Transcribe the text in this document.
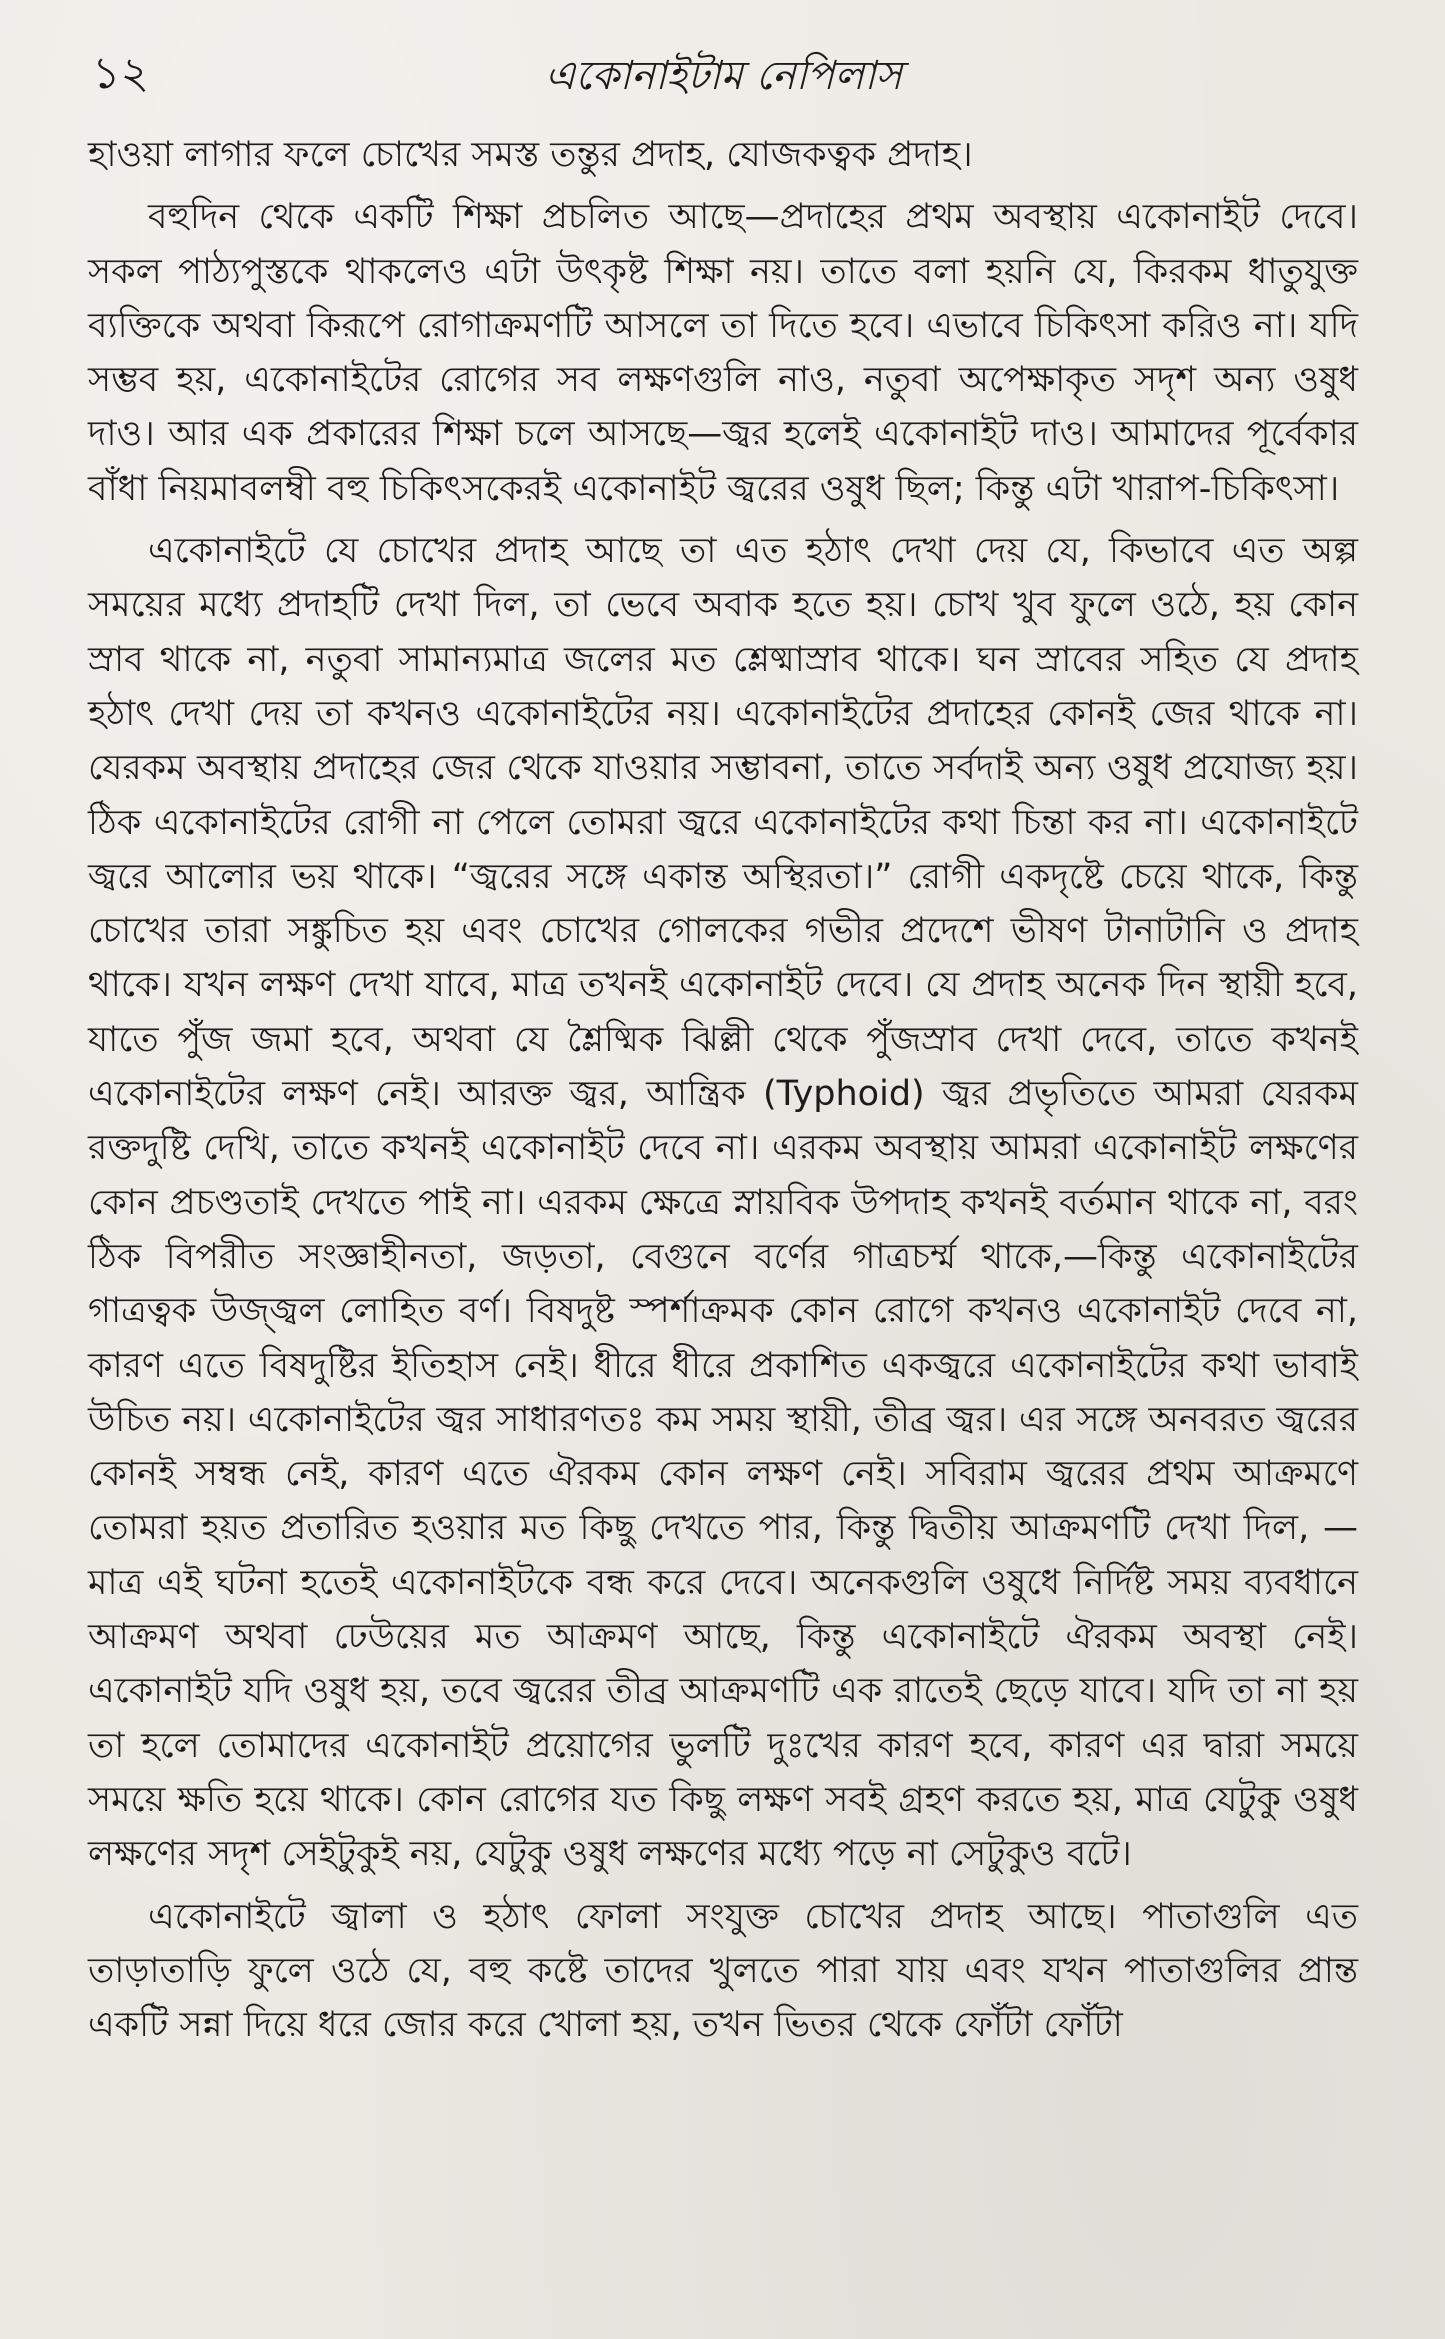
১২	একোনাইটাম নেপিলাস

হাওয়া লাগার ফলে চোখের সমস্ত তন্তুর প্রদাহ, যোজকত্বক প্রদাহ।

বহুদিন থেকে একটি শিক্ষা প্রচলিত আছে—প্রদাহের প্রথম অবস্থায় একোনাইট দেবে। সকল পাঠ্যপুস্তকে থাকলেও এটা উৎকৃষ্ট শিক্ষা নয়। তাতে বলা হয়নি যে, কিরকম ধাতুযুক্ত ব্যক্তিকে অথবা কিরূপে রোগাক্রমণটি আসলে তা দিতে হবে। এভাবে চিকিৎসা করিও না। যদি সম্ভব হয়, একোনাইটের রোগের সব লক্ষণগুলি নাও, নতুবা অপেক্ষাকৃত সদৃশ অন্য ওষুধ দাও। আর এক প্রকারের শিক্ষা চলে আসছে—জ্বর হলেই একোনাইট দাও। আমাদের পূর্বেকার বাঁধা নিয়মাবলম্বী বহু চিকিৎসকেরই একোনাইট জ্বরের ওষুধ ছিল; কিন্তু এটা খারাপ-চিকিৎসা।

একোনাইটে যে চোখের প্রদাহ আছে তা এত হঠাৎ দেখা দেয় যে, কিভাবে এত অল্প সময়ের মধ্যে প্রদাহটি দেখা দিল, তা ভেবে অবাক হতে হয়। চোখ খুব ফুলে ওঠে, হয় কোন স্রাব থাকে না, নতুবা সামান্যমাত্র জলের মত শ্লেষ্মাস্রাব থাকে। ঘন স্রাবের সহিত যে প্রদাহ হঠাৎ দেখা দেয় তা কখনও একোনাইটের নয়। একোনাইটের প্রদাহের কোনই জের থাকে না। যেরকম অবস্থায় প্রদাহের জের থেকে যাওয়ার সম্ভাবনা, তাতে সর্বদাই অন্য ওষুধ প্রযোজ্য হয়। ঠিক একোনাইটের রোগী না পেলে তোমরা জ্বরে একোনাইটের কথা চিন্তা কর না। একোনাইটে জ্বরে আলোর ভয় থাকে। “জ্বরের সঙ্গে একান্ত অস্থিরতা।” রোগী একদৃষ্টে চেয়ে থাকে, কিন্তু চোখের তারা সঙ্কুচিত হয় এবং চোখের গোলকের গভীর প্রদেশে ভীষণ টানাটানি ও প্রদাহ থাকে। যখন লক্ষণ দেখা যাবে, মাত্র তখনই একোনাইট দেবে। যে প্রদাহ অনেক দিন স্থায়ী হবে, যাতে পুঁজ জমা হবে, অথবা যে শ্লৈষ্মিক ঝিল্লী থেকে পুঁজস্রাব দেখা দেবে, তাতে কখনই একোনাইটের লক্ষণ নেই। আরক্ত জ্বর, আন্ত্রিক (Typhoid) জ্বর প্রভৃতিতে আমরা যেরকম রক্তদুষ্টি দেখি, তাতে কখনই একোনাইট দেবে না। এরকম অবস্থায় আমরা একোনাইট লক্ষণের কোন প্রচণ্ডতাই দেখতে পাই না। এরকম ক্ষেত্রে স্নায়বিক উপদাহ কখনই বর্তমান থাকে না, বরং ঠিক বিপরীত সংজ্ঞাহীনতা, জড়তা, বেগুনে বর্ণের গাত্রচর্ম্ম থাকে,—কিন্তু একোনাইটের গাত্রত্বক উজ্জ্বল লোহিত বর্ণ। বিষদুষ্ট স্পর্শাক্রমক কোন রোগে কখনও একোনাইট দেবে না, কারণ এতে বিষদুষ্টির ইতিহাস নেই। ধীরে ধীরে প্রকাশিত একজ্বরে একোনাইটের কথা ভাবাই উচিত নয়। একোনাইটের জ্বর সাধারণতঃ কম সময় স্থায়ী, তীব্র জ্বর। এর সঙ্গে অনবরত জ্বরের কোনই সম্বন্ধ নেই, কারণ এতে ঐরকম কোন লক্ষণ নেই। সবিরাম জ্বরের প্রথম আক্রমণে তোমরা হয়ত প্রতারিত হওয়ার মত কিছু দেখতে পার, কিন্তু দ্বিতীয় আক্রমণটি দেখা দিল, —মাত্র এই ঘটনা হতেই একোনাইটকে বন্ধ করে দেবে। অনেকগুলি ওষুধে নির্দিষ্ট সময় ব্যবধানে আক্রমণ অথবা ঢেউয়ের মত আক্রমণ আছে, কিন্তু একোনাইটে ঐরকম অবস্থা নেই। একোনাইট যদি ওষুধ হয়, তবে জ্বরের তীব্র আক্রমণটি এক রাতেই ছেড়ে যাবে। যদি তা না হয় তা হলে তোমাদের একোনাইট প্রয়োগের ভুলটি দুঃখের কারণ হবে, কারণ এর দ্বারা সময়ে সময়ে ক্ষতি হয়ে থাকে। কোন রোগের যত কিছু লক্ষণ সবই গ্রহণ করতে হয়, মাত্র যেটুকু ওষুধ লক্ষণের সদৃশ সেইটুকুই নয়, যেটুকু ওষুধ লক্ষণের মধ্যে পড়ে না সেটুকুও বটে।

একোনাইটে জ্বালা ও হঠাৎ ফোলা সংযুক্ত চোখের প্রদাহ আছে। পাতাগুলি এত তাড়াতাড়ি ফুলে ওঠে যে, বহু কষ্টে তাদের খুলতে পারা যায় এবং যখন পাতাগুলির প্রান্ত একটি সন্না দিয়ে ধরে জোর করে খোলা হয়, তখন ভিতর থেকে ফোঁটা ফোঁটা
